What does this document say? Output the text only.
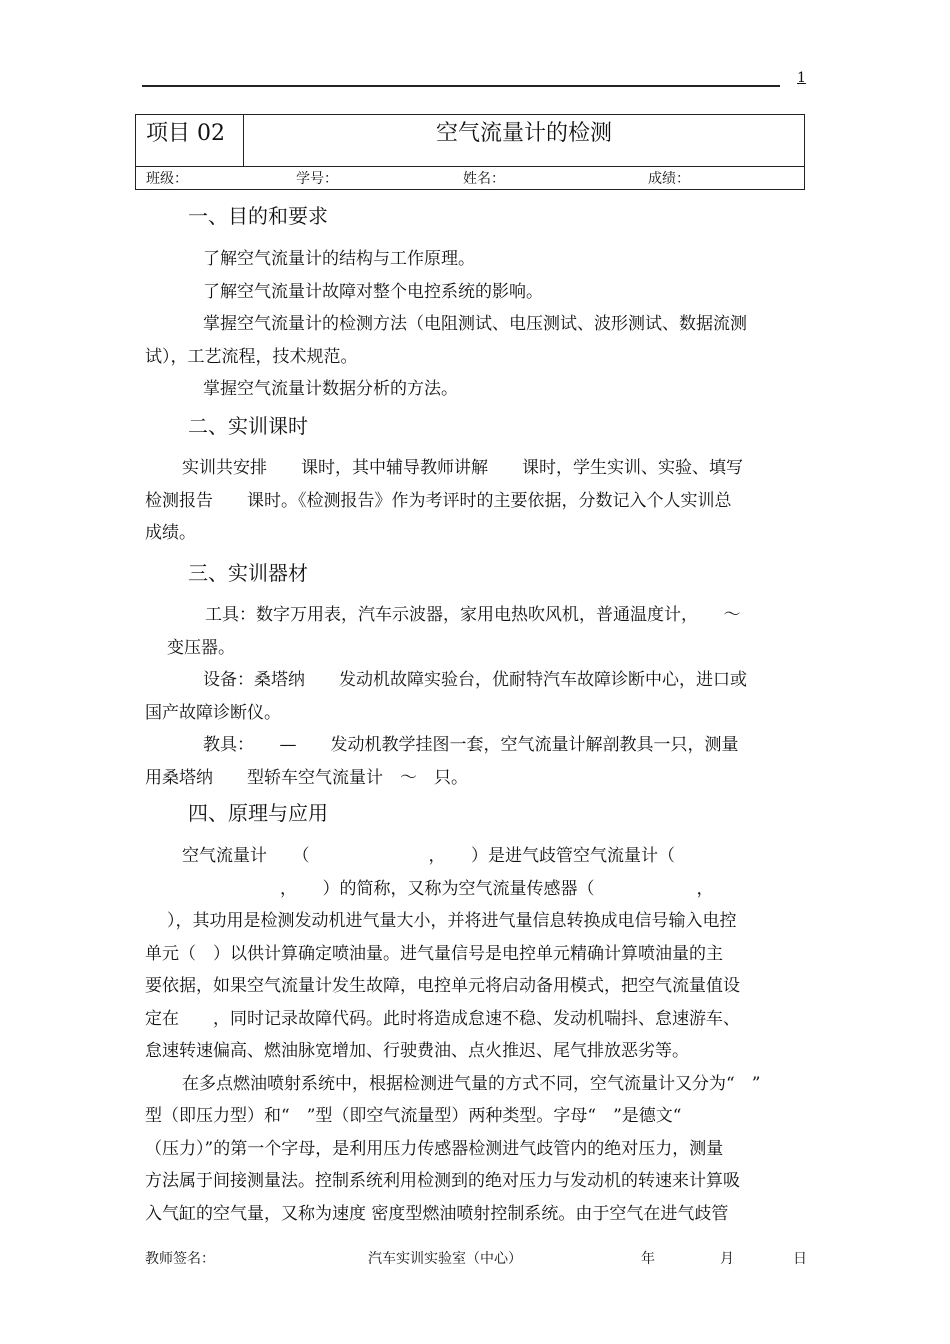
1
项目 02	空气流量计的检测
班级：	学号：	姓名：	成绩：
一、目的和要求

了解空气流量计的结构与工作原理。

了解空气流量计故障对整个电控系统的影响。

掌握空气流量计的检测方法（电阻测试、电压测试、波形测试、数据流测

试），工艺流程，技术规范。

掌握空气流量计数据分析的方法。

二、实训课时

实训共安排　　课时，其中辅导教师讲解　　课时，学生实训、实验、填写

检测报告　　课时。《检测报告》作为考评时的主要依据，分数记入个人实训总

成绩。

三、实训器材

工具：数字万用表，汽车示波器，家用电热吹风机，普通温度计，　　～

变压器。

设备：桑塔纳　　发动机故障实验台，优耐特汽车故障诊断中心，进口或

国产故障诊断仪。

教具：　　—　　发动机教学挂图一套，空气流量计解剖教具一只，测量

用桑塔纳　　型轿车空气流量计　～　只。

四、原理与应用

空气流量计　　（　　　　　　　，　　）是进气歧管空气流量计（

，　　）的简称，又称为空气流量传感器（　　　　　　，

），其功用是检测发动机进气量大小，并将进气量信息转换成电信号输入电控

单元（　）以供计算确定喷油量。进气量信号是电控单元精确计算喷油量的主

要依据，如果空气流量计发生故障，电控单元将启动备用模式，把空气流量值设

定在　　，同时记录故障代码。此时将造成怠速不稳、发动机喘抖、怠速游车、

怠速转速偏高、燃油脉宽增加、行驶费油、点火推迟、尾气排放恶劣等。

在多点燃油喷射系统中，根据检测进气量的方式不同，空气流量计又分为“　”

型（即压力型）和“　”型（即空气流量型）两种类型。字母“　”是德文“

（压力）”的第一个字母，是利用压力传感器检测进气歧管内的绝对压力，测量

方法属于间接测量法。控制系统利用检测到的绝对压力与发动机的转速来计算吸

入气缸的空气量，又称为速度 密度型燃油喷射控制系统。由于空气在进气歧管

教师签名：	汽车实训实验室（中心）	年	月	日
